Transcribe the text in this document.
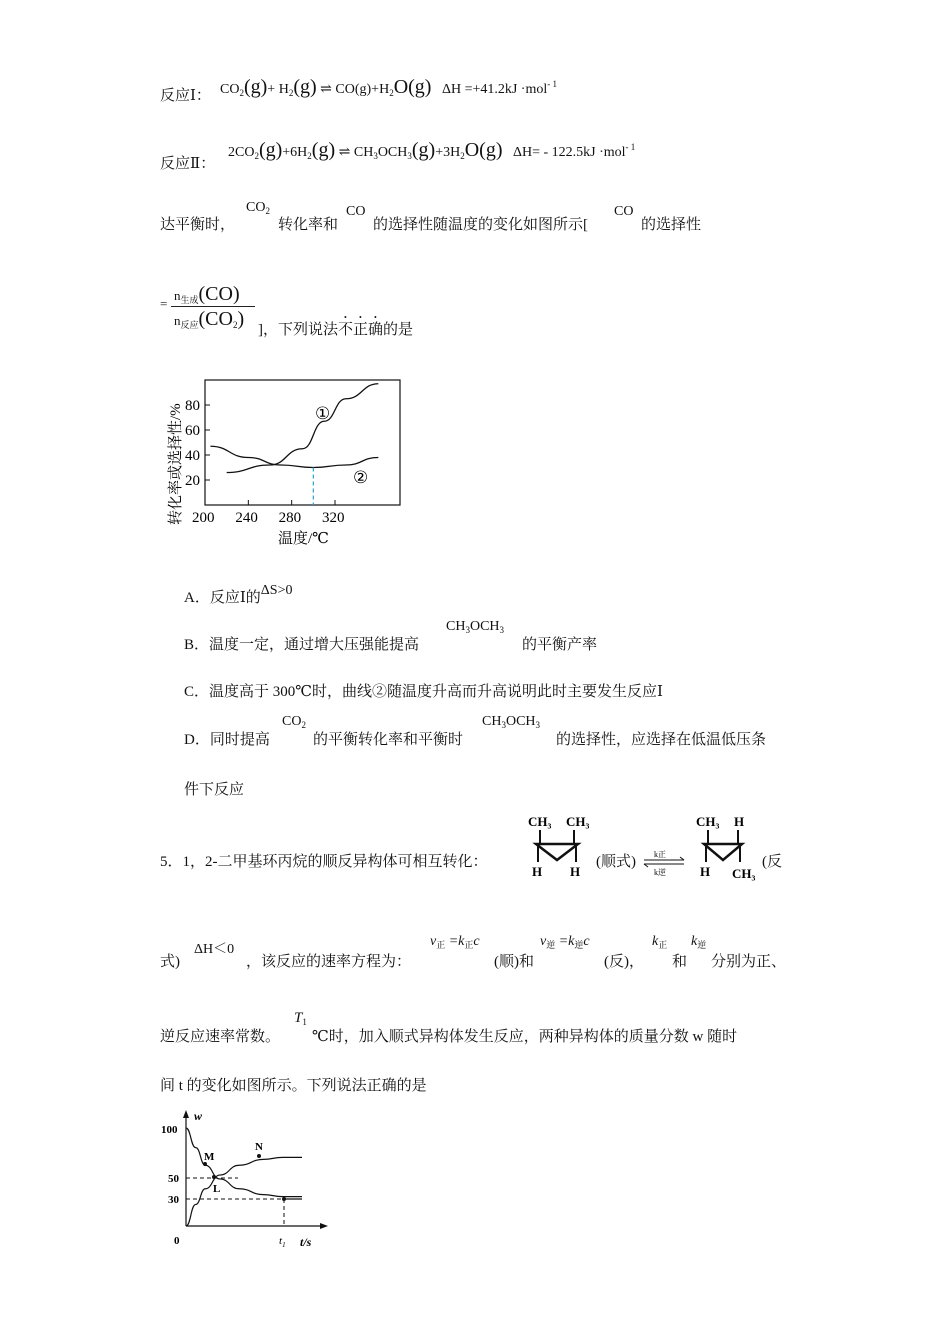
反应Ⅰ： $CO_2(g)+ H_2(g)$ ⇌ $CO(g)+H_2O(g)$ ΔH =+41.2kJ ·mol$^{- 1}$
反应Ⅱ：
$2CO_2(g)+6H_2(g)$ ⇌ $CH_3OCH_3(g)+3H_2O(g)$ ΔH= - 122.5kJ ·mol$^{- 1}$
达平衡时，
$CO_2$
转化率和
CO
的选择性随温度的变化如图所示[
CO
的选择性
$n_{生成}(CO)$
=
$n_{反应}(CO_2)$ ]，下列说法不正确的是
20
40
60
80
200 240 280 320
①
②
转化率或选择性/%
温度/℃
A．反应Ⅰ的ΔS>0
B．温度一定，通过增大压强能提高
$CH_3OCH_3$
的平衡产率
C．温度高于 300℃时，曲线②随温度升高而升高说明此时主要发生反应Ⅰ
D．同时提高
$CO_2$
的平衡转化率和平衡时
$CH_3OCH_3$
的选择性，应选择在低温低压条
件下反应
5．1，2-二甲基环丙烷的顺反异构体可相互转化：
CH₃ CH₃
H H
(顺式) k正
k逆
CH₃ H
H CH₃
(反
式)
ΔH＜0
，该反应的速率方程为：
$v_正 =k_正c$
(顺)和
$v_逆 =k_逆c$
(反)，
$k_正$
和
$k_逆$
分别为正、
逆反应速率常数。
$T_1$
℃时，加入顺式异构体发生反应，两种异构体的质量分数 w 随时
间 t 的变化如图所示。下列说法正确的是
w
t/s
0
100
50
30
M
L
N
$t_1$
